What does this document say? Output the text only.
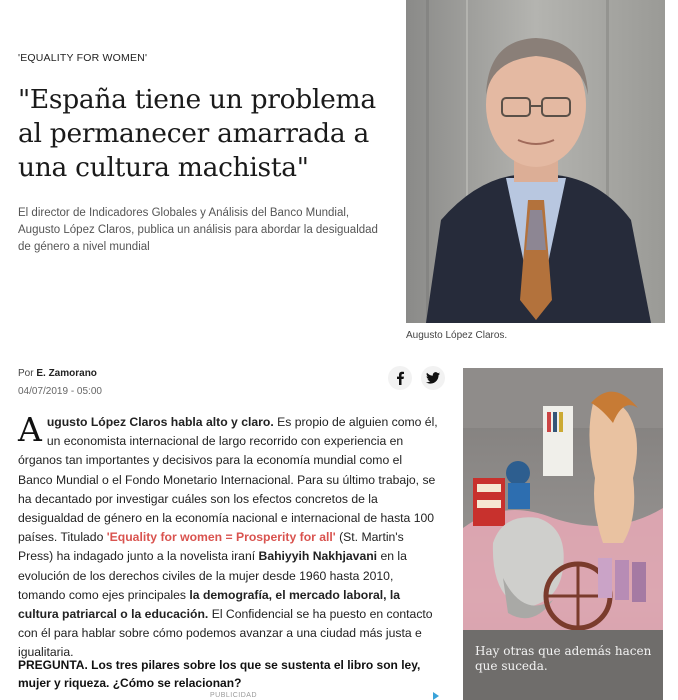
'EQUALITY FOR WOMEN'
"España tiene un problema al permanecer amarrada a una cultura machista"

El director de Indicadores Globales y Análisis del Banco Mundial, Augusto López Claros, publica un análisis para abordar la desigualdad de género a nivel mundial

Augusto López Claros.
Por E. Zamorano
04/07/2019 - 05:00
Augusto López Claros habla alto y claro. Es propio de alguien como él, un economista internacional de largo recorrido con experiencia en órganos tan importantes y decisivos para la economía mundial como el Banco Mundial o el Fondo Monetario Internacional. Para su último trabajo, se ha decantado por investigar cuáles son los efectos concretos de la desigualdad de género en la economía nacional e internacional de hasta 100 países. Titulado 'Equality for women = Prosperity for all' (St. Martin's Press) ha indagado junto a la novelista iraní Bahiyyih Nakhjavani en la evolución de los derechos civiles de la mujer desde 1960 hasta 2010, tomando como ejes principales la demografía, el mercado laboral, la cultura patriarcal o la educación. El Confidencial se ha puesto en contacto con él para hablar sobre cómo podemos avanzar a una ciudad más justa e igualitaria.

PREGUNTA. Los tres pilares sobre los que se sustenta el libro son ley, mujer y riqueza. ¿Cómo se relacionan?

PUBLICIDAD
Hay otras que además hacen que suceda.
